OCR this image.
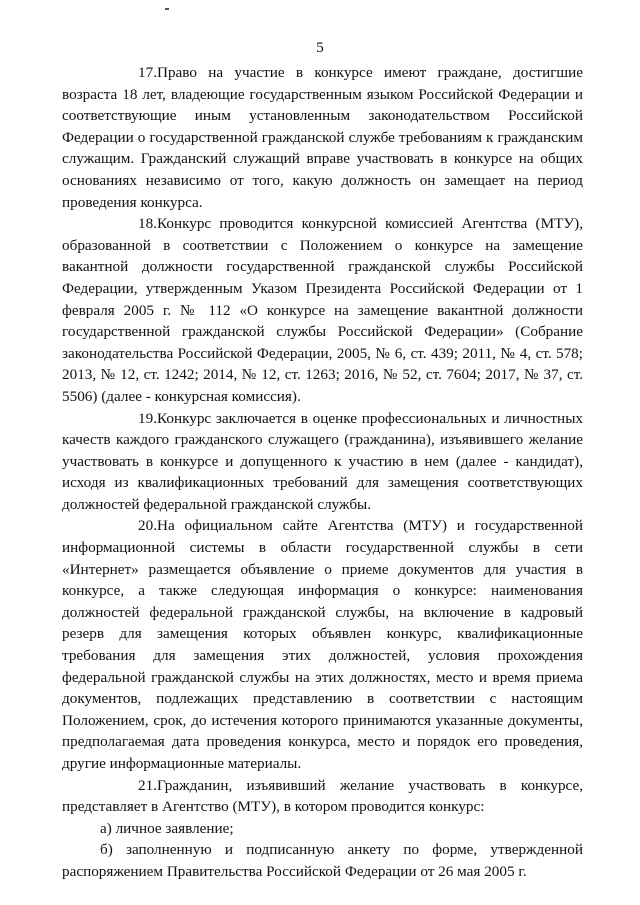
5

17.Право на участие в конкурсе имеют граждане, достигшие возраста 18 лет, владеющие государственным языком Российской Федерации и соответствующие иным установленным законодательством Российской Федерации о государственной гражданской службе требованиям к гражданским служащим. Гражданский служащий вправе участвовать в конкурсе на общих основаниях независимо от того, какую должность он замещает на период проведения конкурса.

18.Конкурс проводится конкурсной комиссией Агентства (МТУ), образованной в соответствии с Положением о конкурсе на замещение вакантной должности государственной гражданской службы Российской Федерации, утвержденным Указом Президента Российской Федерации от 1 февраля 2005 г. № 112 «О конкурсе на замещение вакантной должности государственной гражданской службы Российской Федерации» (Собрание законодательства Российской Федерации, 2005, № 6, ст. 439; 2011, № 4, ст. 578; 2013, № 12, ст. 1242; 2014, № 12, ст. 1263; 2016, № 52, ст. 7604; 2017, № 37, ст. 5506) (далее - конкурсная комиссия).

19.Конкурс заключается в оценке профессиональных и личностных качеств каждого гражданского служащего (гражданина), изъявившего желание участвовать в конкурсе и допущенного к участию в нем (далее - кандидат), исходя из квалификационных требований для замещения соответствующих должностей федеральной гражданской службы.

20.На официальном сайте Агентства (МТУ) и государственной информационной системы в области государственной службы в сети «Интернет» размещается объявление о приеме документов для участия в конкурсе, а также следующая информация о конкурсе: наименования должностей федеральной гражданской службы, на включение в кадровый резерв для замещения которых объявлен конкурс, квалификационные требования для замещения этих должностей, условия прохождения федеральной гражданской службы на этих должностях, место и время приема документов, подлежащих представлению в соответствии с настоящим Положением, срок, до истечения которого принимаются указанные документы, предполагаемая дата проведения конкурса, место и порядок его проведения, другие информационные материалы.

21.Гражданин, изъявивший желание участвовать в конкурсе, представляет в Агентство (МТУ), в котором проводится конкурс:

а) личное заявление;

б) заполненную и подписанную анкету по форме, утвержденной распоряжением Правительства Российской Федерации от 26 мая 2005 г.
